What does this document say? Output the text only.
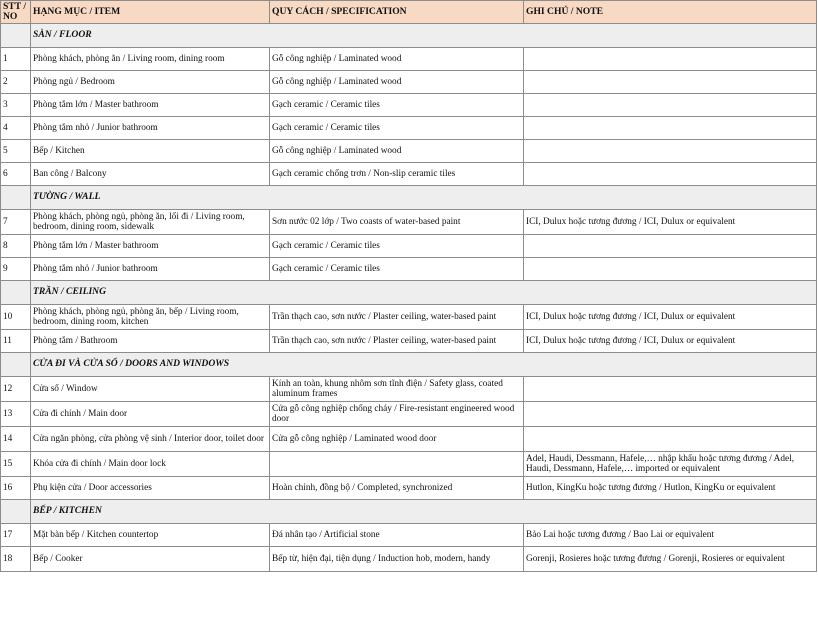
STT / NO	HẠNG MỤC / ITEM	QUY CÁCH / SPECIFICATION	GHI CHÚ / NOTE
	SÀN / FLOOR		
1	Phòng khách, phòng ăn / Living room, dining room	Gỗ công nghiệp / Laminated wood	
2	Phòng ngủ / Bedroom	Gỗ công nghiệp / Laminated wood	
3	Phòng tắm lớn / Master bathroom	Gạch ceramic / Ceramic tiles	
4	Phòng tắm nhỏ / Junior bathroom	Gạch ceramic / Ceramic tiles	
5	Bếp / Kitchen	Gỗ công nghiệp / Laminated wood	
6	Ban công / Balcony	Gạch ceramic chống trơn / Non-slip ceramic tiles	
	TƯỜNG / WALL		
7	Phòng khách, phòng ngủ, phòng ăn, lối đi / Living room, bedroom, dining room, sidewalk	Sơn nước 02 lớp / Two coasts of water-based paint	ICI, Dulux hoặc tương đương / ICI, Dulux or equivalent
8	Phòng tắm lớn / Master bathroom	Gạch ceramic / Ceramic tiles	
9	Phòng tắm nhỏ / Junior bathroom	Gạch ceramic / Ceramic tiles	
	TRẦN / CEILING		
10	Phòng khách, phòng ngủ, phòng ăn, bếp / Living room, bedroom, dining room, kitchen	Trần thạch cao, sơn nước / Plaster ceiling, water-based paint	ICI, Dulux hoặc tương đương / ICI, Dulux or equivalent
11	Phòng tắm / Bathroom	Trần thạch cao, sơn nước / Plaster ceiling, water-based paint	ICI, Dulux hoặc tương đương / ICI, Dulux or equivalent
	CỬA ĐI VÀ CỬA SỔ / DOORS AND WINDOWS		
12	Cửa sổ / Window	Kính an toàn, khung nhôm sơn tĩnh điện / Safety glass, coated aluminum frames	
13	Cửa đi chính / Main door	Cửa gỗ công nghiệp chống cháy / Fire-resistant engineered wood door	
14	Cửa ngăn phòng, cửa phòng vệ sinh / Interior door, toilet door	Cửa gỗ công nghiệp / Laminated wood door	
15	Khóa cửa đi chính / Main door lock		Adel, Haudi, Dessmann, Hafele,… nhập khẩu hoặc tương đương / Adel, Haudi, Dessmann, Hafele,… imported or equivalent
16	Phụ kiện cửa / Door accessories	Hoàn chỉnh, đồng bộ / Completed, synchronized	Hutlon, KingKu hoặc tương đương / Hutlon, KingKu or equivalent
	BẾP / KITCHEN		
17	Mặt bàn bếp / Kitchen countertop	Đá nhân tạo / Artificial stone	Bảo Lai hoặc tương đương / Bao Lai or equivalent
18	Bếp / Cooker	Bếp từ, hiện đại, tiện dụng / Induction hob, modern, handy	Gorenji, Rosieres hoặc tương đương / Gorenji, Rosieres or equivalent
